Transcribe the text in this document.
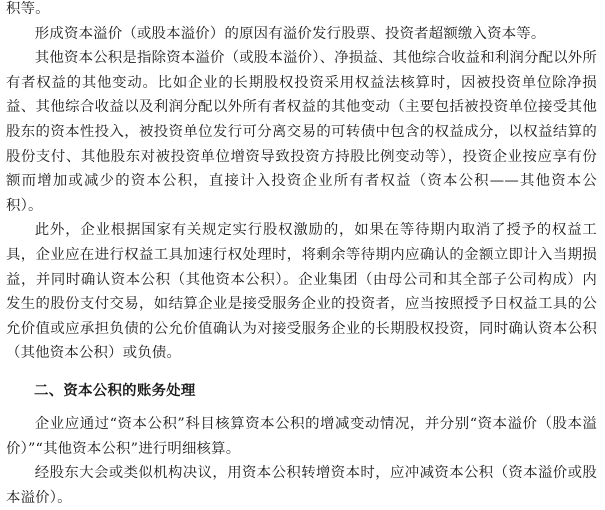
积等。

形成资本溢价（或股本溢价）的原因有溢价发行股票、投资者超额缴入资本等。

其他资本公积是指除资本溢价（或股本溢价）、净损益、其他综合收益和利润分配以外所有者权益的其他变动。比如企业的长期股权投资采用权益法核算时，因被投资单位除净损益、其他综合收益以及利润分配以外所有者权益的其他变动（主要包括被投资单位接受其他股东的资本性投入，被投资单位发行可分离交易的可转债中包含的权益成分，以权益结算的股份支付、其他股东对被投资单位增资导致投资方持股比例变动等），投资企业按应享有份额而增加或减少的资本公积，直接计入投资企业所有者权益（资本公积——其他资本公积）。

此外，企业根据国家有关规定实行股权激励的，如果在等待期内取消了授予的权益工具，企业应在进行权益工具加速行权处理时，将剩余等待期内应确认的金额立即计入当期损益，并同时确认资本公积（其他资本公积）。企业集团（由母公司和其全部子公司构成）内发生的股份支付交易，如结算企业是接受服务企业的投资者，应当按照授予日权益工具的公允价值或应承担负债的公允价值确认为对接受服务企业的长期股权投资，同时确认资本公积（其他资本公积）或负债。

二、资本公积的账务处理

企业应通过“资本公积”科目核算资本公积的增减变动情况，并分别“资本溢价（股本溢价）”“其他资本公积”进行明细核算。

经股东大会或类似机构决议，用资本公积转增资本时，应冲减资本公积（资本溢价或股本溢价）。
